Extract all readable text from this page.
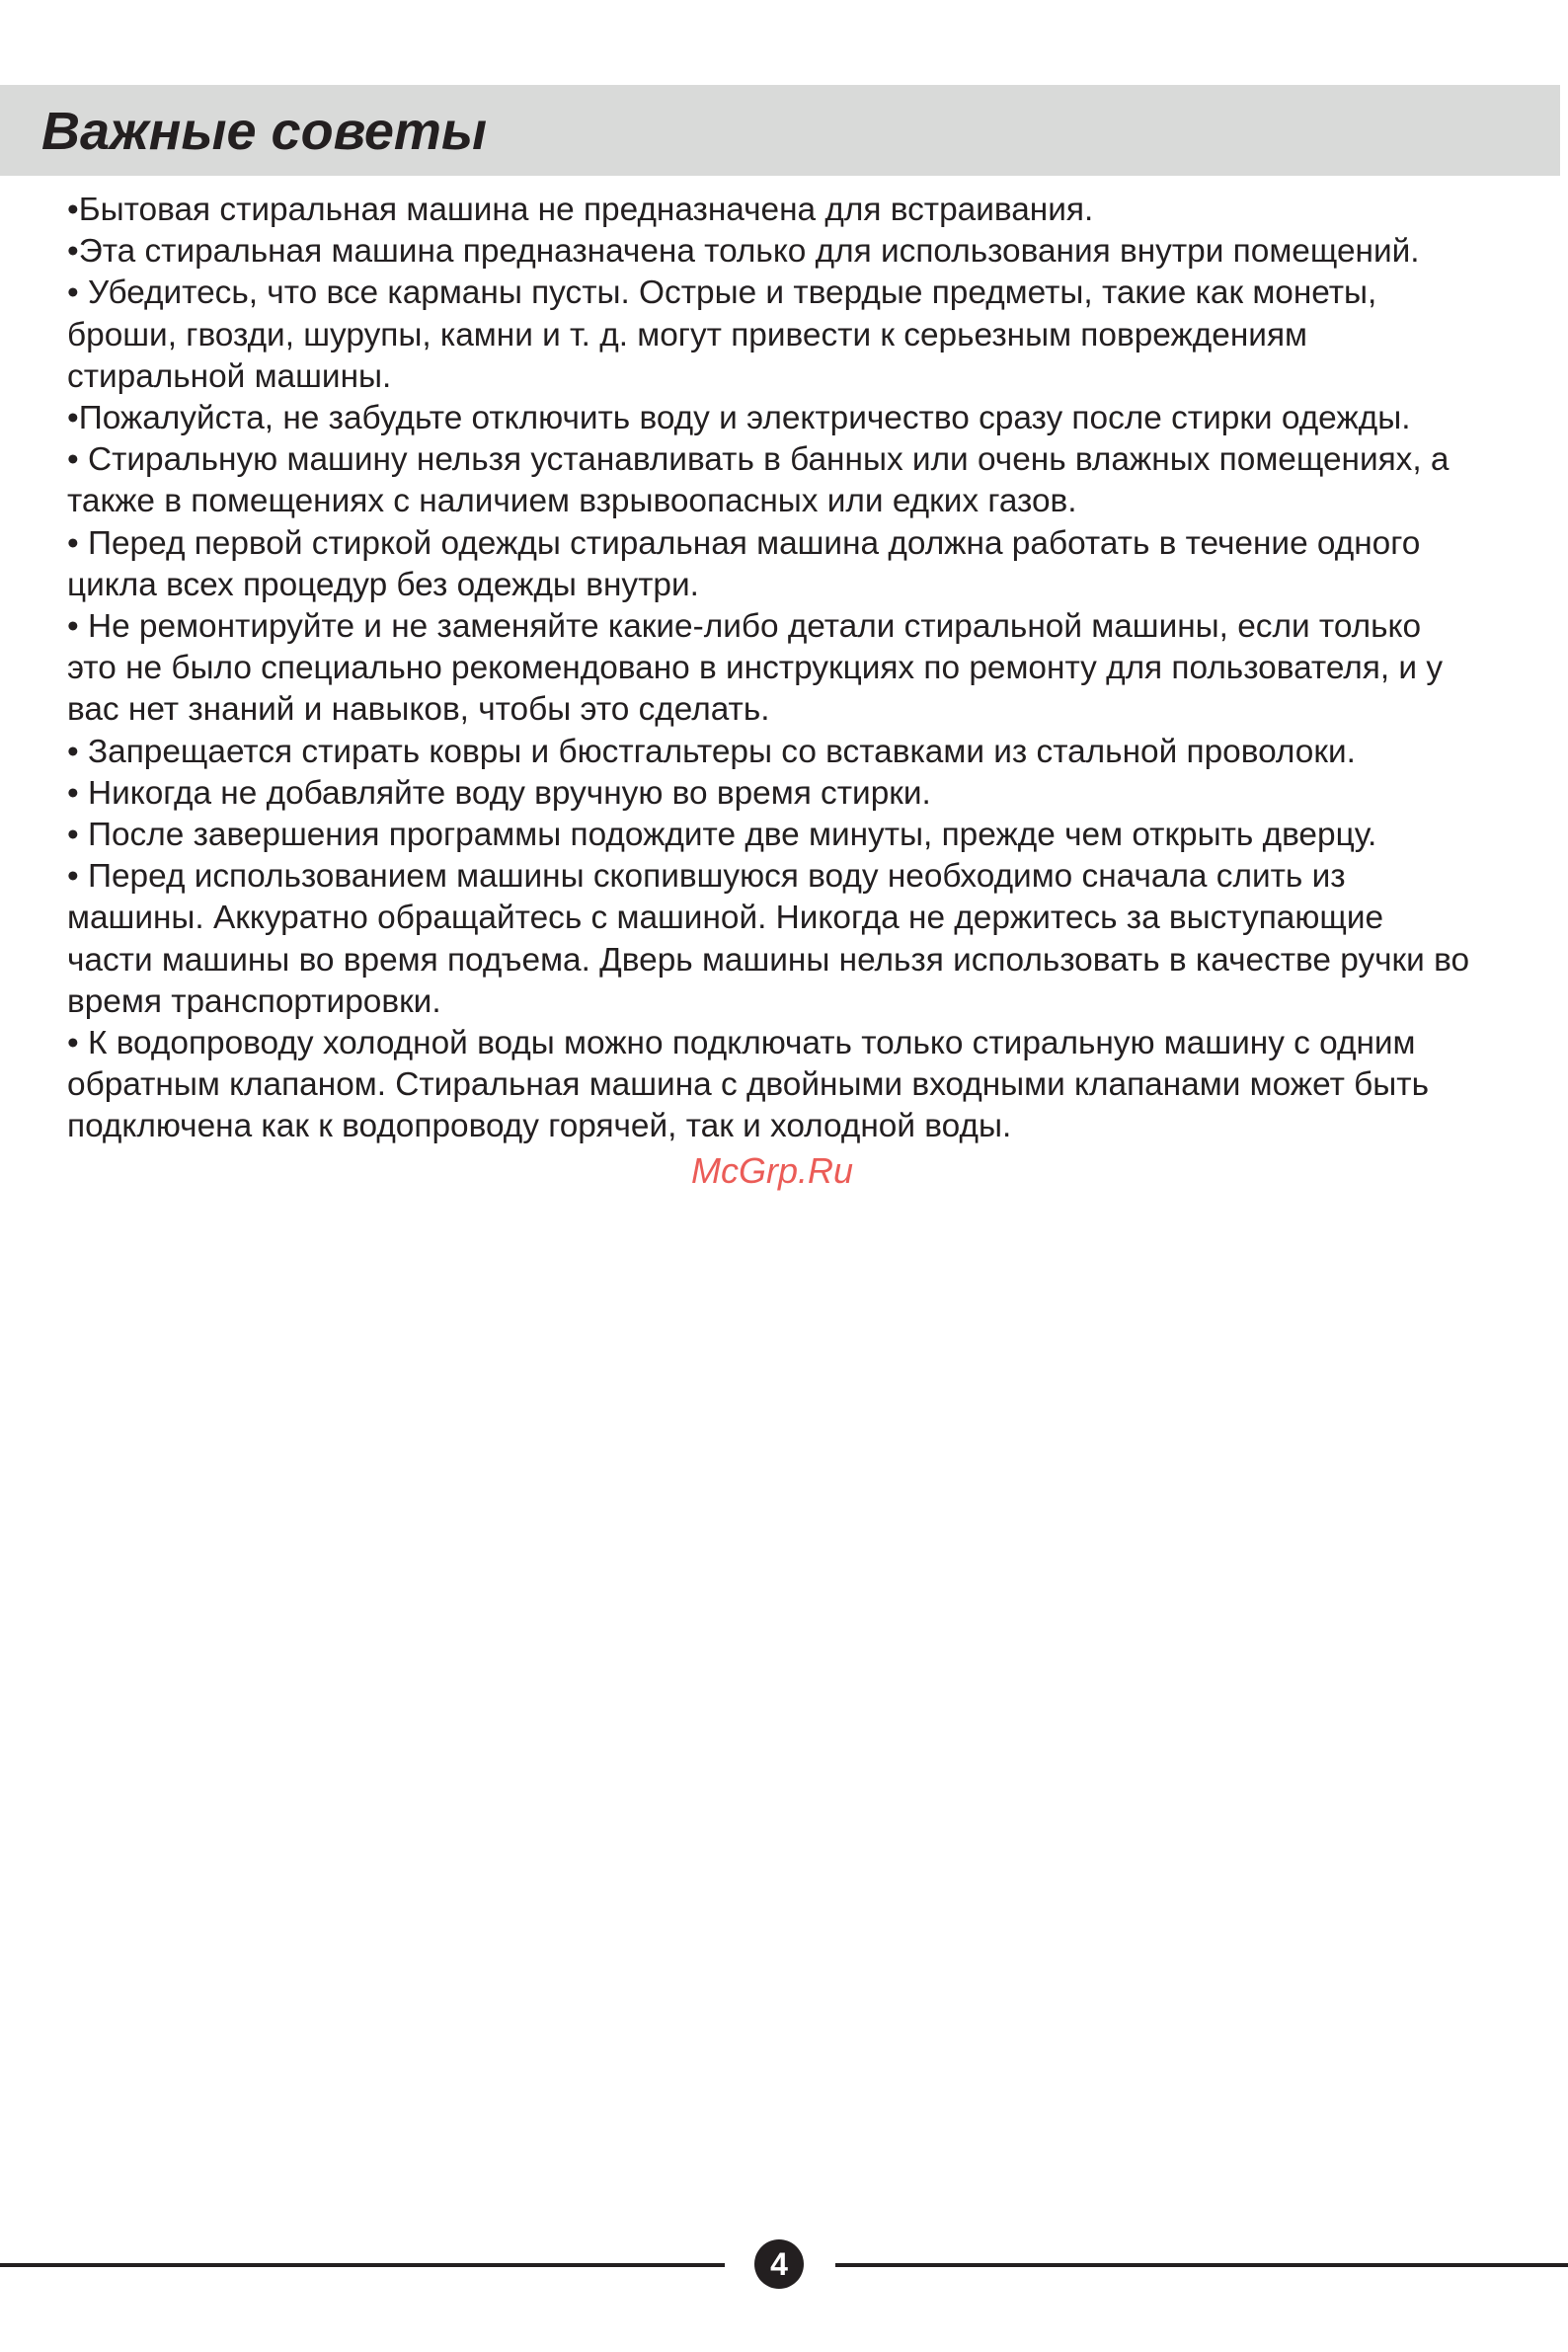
Важные советы

•Бытовая стиральная машина не предназначена для встраивания.

•Эта стиральная машина предназначена только для использования внутри помещений.

• Убедитесь, что все карманы пусты. Острые и твердые предметы, такие как монеты, броши, гвозди, шурупы, камни и т. д. могут привести к серьезным повреждениям стиральной машины.

•Пожалуйста, не забудьте отключить воду и электричество сразу после стирки одежды.

• Стиральную машину нельзя устанавливать в банных или очень влажных помещениях, а также в помещениях с наличием взрывоопасных или едких газов.

• Перед первой стиркой одежды стиральная машина должна работать в течение одного цикла всех процедур без одежды внутри.

• Не ремонтируйте и не заменяйте какие-либо детали стиральной машины, если только это не было специально рекомендовано в инструкциях по ремонту для пользователя, и у вас нет знаний и навыков, чтобы это сделать.

• Запрещается стирать ковры и бюстгальтеры со вставками из стальной проволоки.

• Никогда не добавляйте воду вручную во время стирки.

• После завершения программы подождите две минуты, прежде чем открыть дверцу.

• Перед использованием машины скопившуюся воду необходимо сначала слить из машины. Аккуратно обращайтесь с машиной. Никогда не держитесь за выступающие части машины во время подъема. Дверь машины нельзя использовать в качестве ручки во время транспортировки.

• К водопроводу холодной воды можно подключать только стиральную машину с одним обратным клапаном. Стиральная машина с двойными входными клапанами может быть подключена как к водопроводу горячей, так и холодной воды.

McGrp.Ru
4
